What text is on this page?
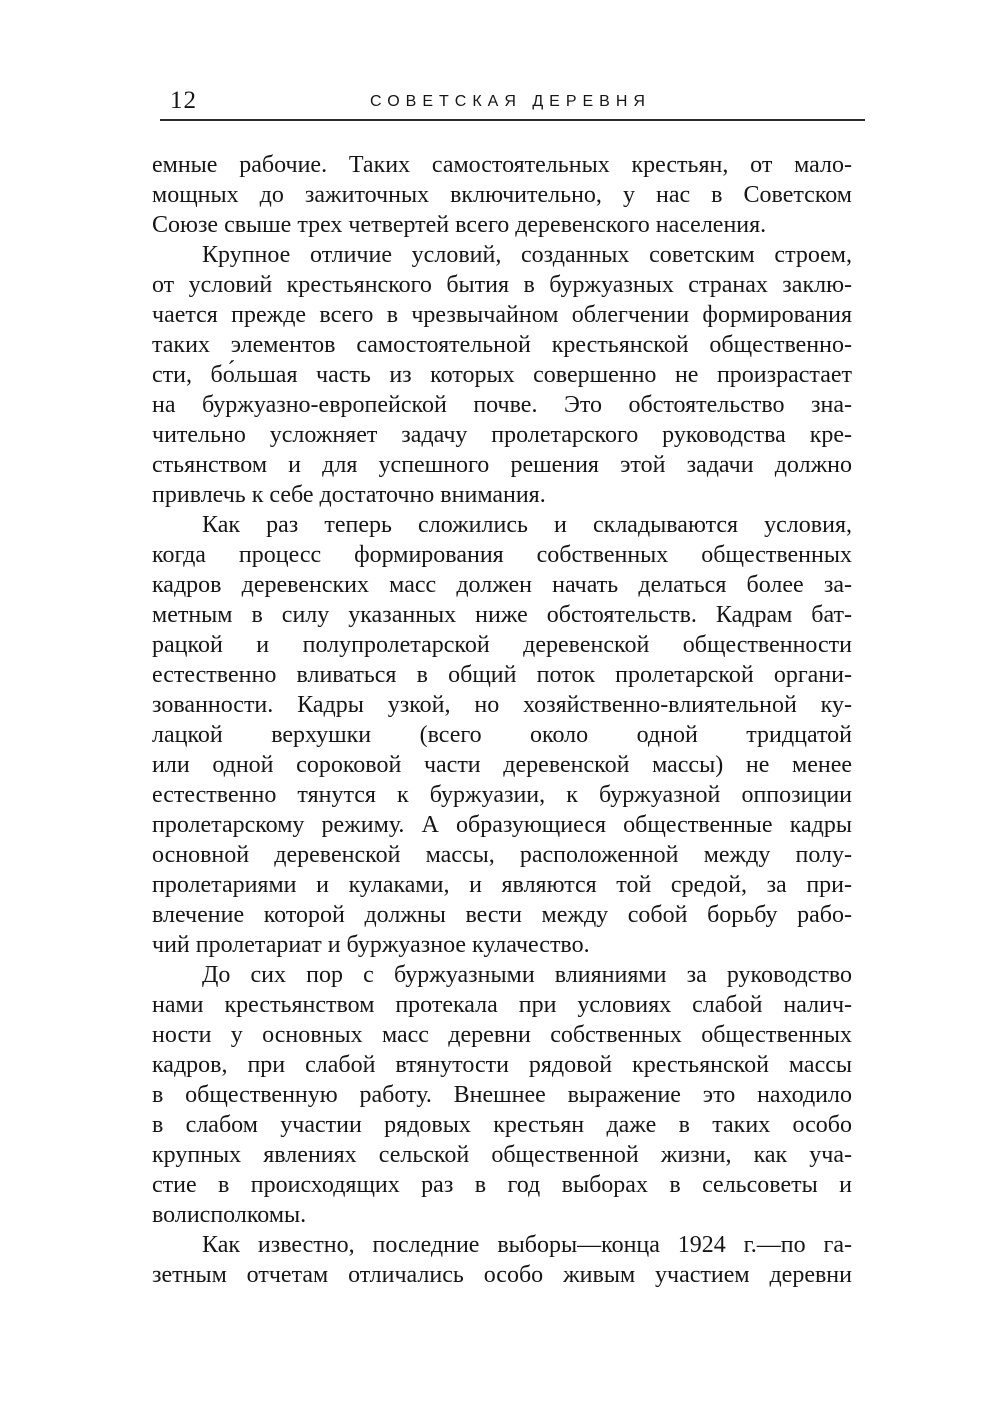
12	СОВЕТСКАЯ ДЕРЕВНЯ
емные рабочие. Таких самостоятельных крестьян, от мало-
мощных до зажиточных включительно, у нас в Советском
Союзе свыше трех четвертей всего деревенского населения.
Крупное отличие условий, созданных советским строем,
от условий крестьянского бытия в буржуазных странах заклю-
чается прежде всего в чрезвычайном облегчении формирования
таких элементов самостоятельной крестьянской общественно-
сти, бо́льшая часть из которых совершенно не произрастает
на буржуазно-европейской почве. Это обстоятельство зна-
чительно усложняет задачу пролетарского руководства кре-
стьянством и для успешного решения этой задачи должно
привлечь к себе достаточно внимания.
Как раз теперь сложились и складываются условия,
когда процесс формирования собственных общественных
кадров деревенских масс должен начать делаться более за-
метным в силу указанных ниже обстоятельств. Кадрам бат-
рацкой и полупролетарской деревенской общественности
естественно вливаться в общий поток пролетарской органи-
зованности. Кадры узкой, но хозяйственно-влиятельной ку-
лацкой верхушки (всего около одной тридцатой
или одной сороковой части деревенской массы) не менее
естественно тянутся к буржуазии, к буржуазной оппозиции
пролетарскому режиму. А образующиеся общественные кадры
основной деревенской массы, расположенной между полу-
пролетариями и кулаками, и являются той средой, за при-
влечение которой должны вести между собой борьбу рабо-
чий пролетариат и буржуазное кулачество.
До сих пор с буржуазными влияниями за руководство
нами крестьянством протекала при условиях слабой налич-
ности у основных масс деревни собственных общественных
кадров, при слабой втянутости рядовой крестьянской массы
в общественную работу. Внешнее выражение это находило
в слабом участии рядовых крестьян даже в таких особо
крупных явлениях сельской общественной жизни, как уча-
стие в происходящих раз в год выборах в сельсоветы и
волисполкомы.
Как известно, последние выборы—конца 1924 г.—по га-
зетным отчетам отличались особо живым участием деревни
